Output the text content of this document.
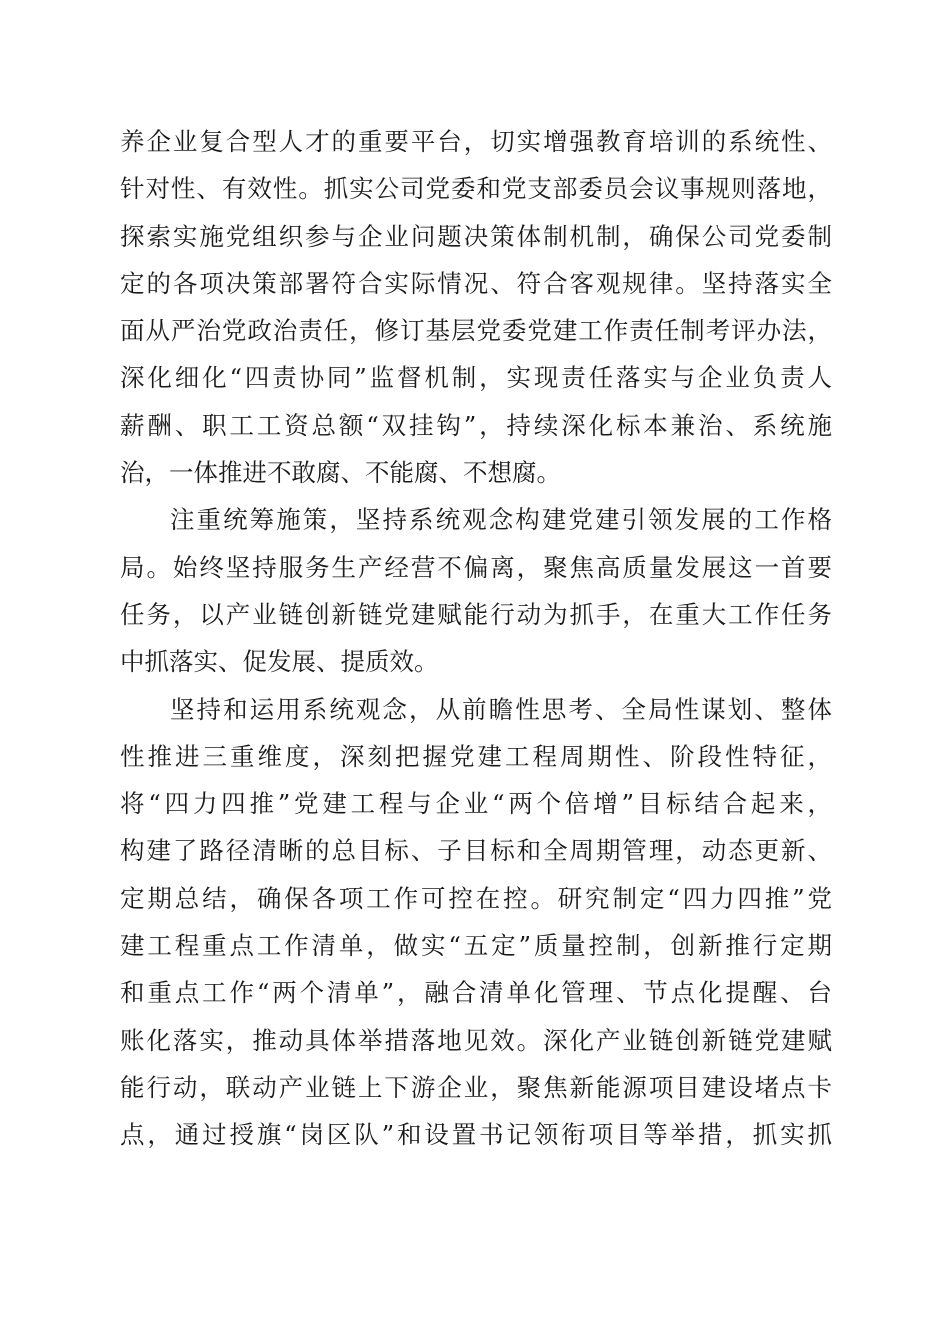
养企业复合型人才的重要平台，切实增强教育培训的系统性、
针对性、有效性。抓实公司党委和党支部委员会议事规则落地，
探索实施党组织参与企业问题决策体制机制，确保公司党委制
定的各项决策部署符合实际情况、符合客观规律。坚持落实全
面从严治党政治责任，修订基层党委党建工作责任制考评办法，
深化细化“四责协同”监督机制，实现责任落实与企业负责人
薪酬、职工工资总额“双挂钩”，持续深化标本兼治、系统施
治，一体推进不敢腐、不能腐、不想腐。
注重统筹施策，坚持系统观念构建党建引领发展的工作格
局。始终坚持服务生产经营不偏离，聚焦高质量发展这一首要
任务，以产业链创新链党建赋能行动为抓手，在重大工作任务
中抓落实、促发展、提质效。
坚持和运用系统观念，从前瞻性思考、全局性谋划、整体
性推进三重维度，深刻把握党建工程周期性、阶段性特征，
将“四力四推”党建工程与企业“两个倍增”目标结合起来，
构建了路径清晰的总目标、子目标和全周期管理，动态更新、
定期总结，确保各项工作可控在控。研究制定“四力四推”党
建工程重点工作清单，做实“五定”质量控制，创新推行定期
和重点工作“两个清单”，融合清单化管理、节点化提醒、台
账化落实，推动具体举措落地见效。深化产业链创新链党建赋
能行动，联动产业链上下游企业，聚焦新能源项目建设堵点卡
点，通过授旗“岗区队”和设置书记领衔项目等举措，抓实抓
